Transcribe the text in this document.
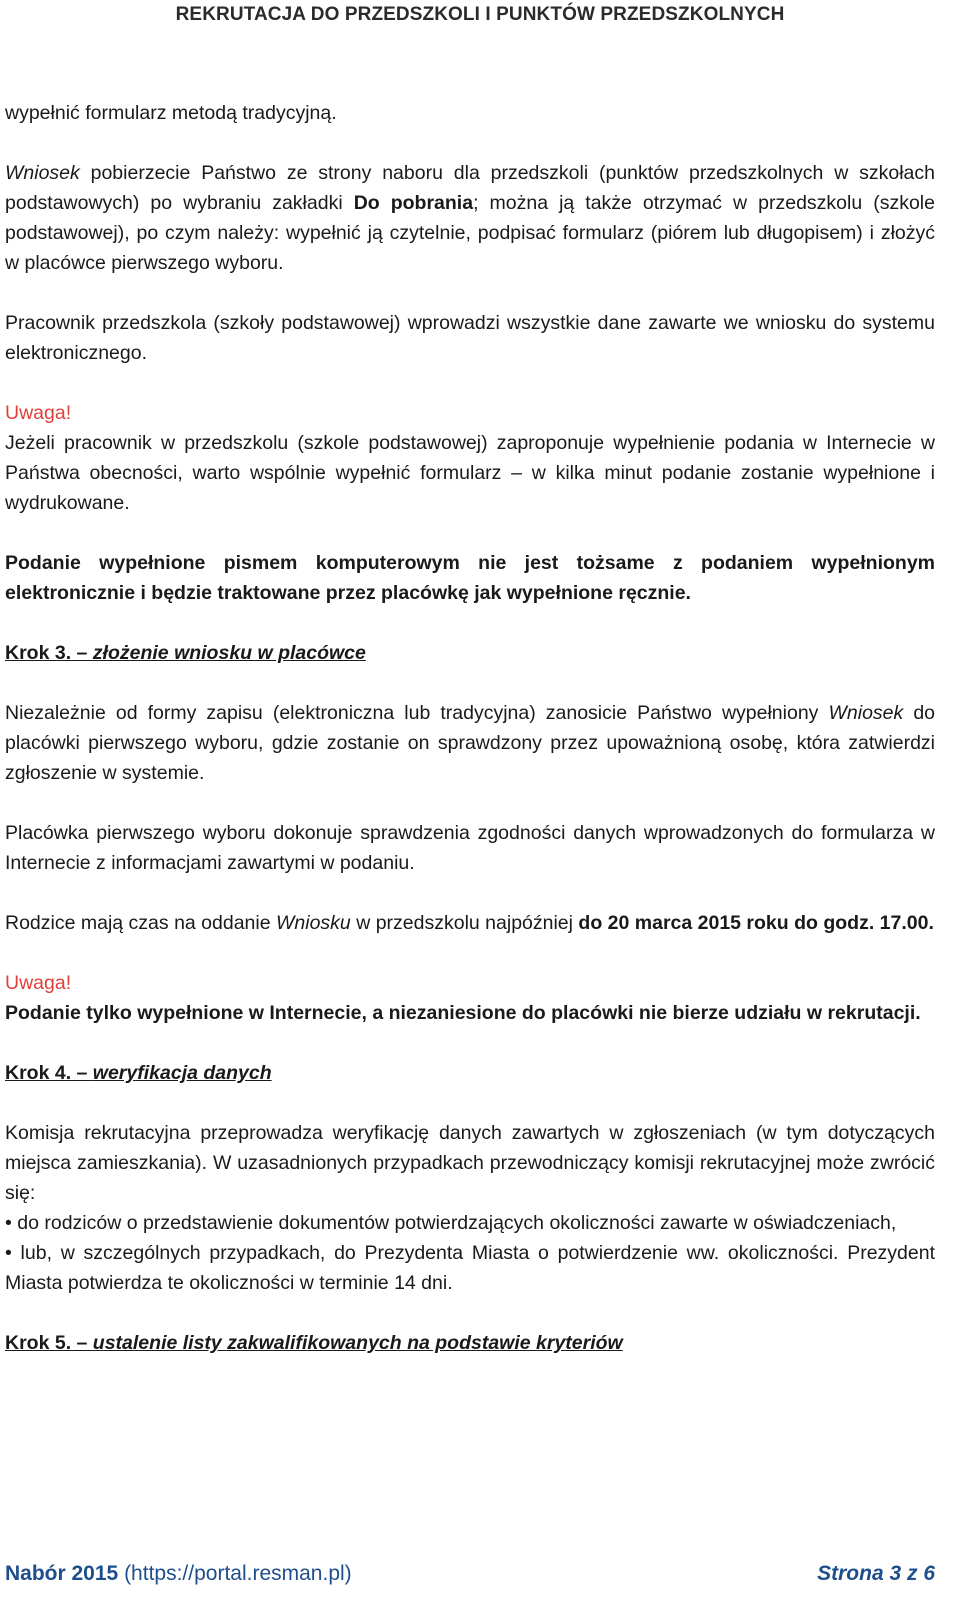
REKRUTACJA DO PRZEDSZKOLI I PUNKTÓW PRZEDSZKOLNYCH

wypełnić formularz metodą tradycyjną.

Wniosek pobierzecie Państwo ze strony naboru dla przedszkoli (punktów przedszkolnych w szkołach podstawowych) po wybraniu zakładki Do pobrania; można ją także otrzymać w przedszkolu (szkole podstawowej), po czym należy: wypełnić ją czytelnie, podpisać formularz (piórem lub długopisem) i złożyć w placówce pierwszego wyboru.

Pracownik przedszkola (szkoły podstawowej) wprowadzi wszystkie dane zawarte we wniosku do systemu elektronicznego.

Uwaga!

Jeżeli pracownik w przedszkolu (szkole podstawowej) zaproponuje wypełnienie podania w Internecie w Państwa obecności, warto wspólnie wypełnić formularz – w kilka minut podanie zostanie wypełnione i wydrukowane.

Podanie wypełnione pismem komputerowym nie jest tożsame z podaniem wypełnionym elektronicznie i będzie traktowane przez placówkę jak wypełnione ręcznie.

Krok 3. – złożenie wniosku w placówce

Niezależnie od formy zapisu (elektroniczna lub tradycyjna) zanosicie Państwo wypełniony Wniosek do placówki pierwszego wyboru, gdzie zostanie on sprawdzony przez upoważnioną osobę, która zatwierdzi zgłoszenie w systemie.

Placówka pierwszego wyboru dokonuje sprawdzenia zgodności danych wprowadzonych do formularza w Internecie z informacjami zawartymi w podaniu.

Rodzice mają czas na oddanie Wniosku w przedszkolu najpóźniej do 20 marca 2015 roku do godz. 17.00.

Uwaga!

Podanie tylko wypełnione w Internecie, a niezaniesione do placówki nie bierze udziału w rekrutacji.

Krok 4. – weryfikacja danych

Komisja rekrutacyjna przeprowadza weryfikację danych zawartych w zgłoszeniach (w tym dotyczących miejsca zamieszkania). W uzasadnionych przypadkach przewodniczący komisji rekrutacyjnej może zwrócić się:

• do rodziców o przedstawienie dokumentów potwierdzających okoliczności zawarte w oświadczeniach,

• lub, w szczególnych przypadkach, do Prezydenta Miasta o potwierdzenie ww. okoliczności. Prezydent Miasta potwierdza te okoliczności w terminie 14 dni.

Krok 5. – ustalenie listy zakwalifikowanych na podstawie kryteriów

Nabór 2015 (https://portal.resman.pl)	Strona 3 z 6
